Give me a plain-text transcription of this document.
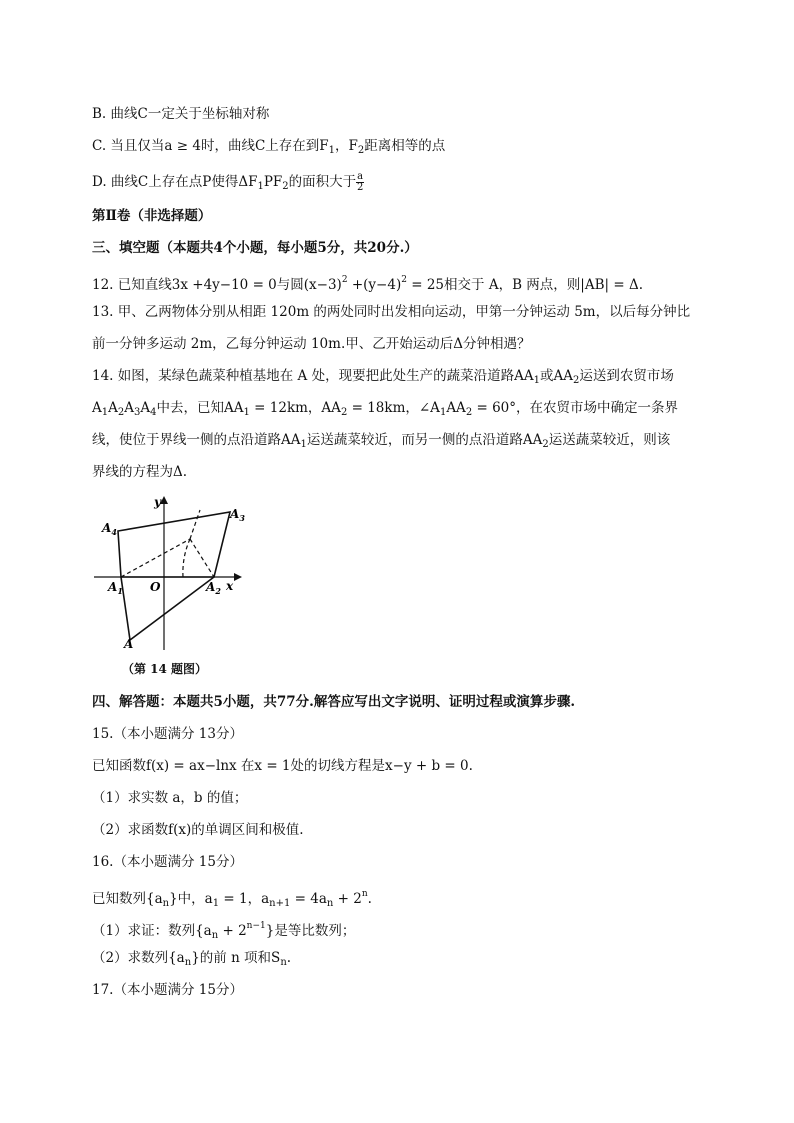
B. 曲线C一定关于坐标轴对称
C. 当且仅当a ≥ 4时，曲线C上存在到$F_1$，$F_2$距离相等的点
D. 曲线C上存在点P使得$\Delta F_1PF_2$的面积大于 $\frac{a}{2}$
第Ⅱ卷（非选择题）
三、填空题（本题共4个小题，每小题5分，共20分.）
12. 已知直线3x +4y−10 = 0与圆$(x-3)^2 +(y-4)^2 = 25$相交于 A，B 两点，则|AB| = Δ.
13. 甲、乙两物体分别从相距 120m 的两处同时出发相向运动，甲第一分钟运动 5m，以后每分钟比
前一分钟多运动 2m，乙每分钟运动 10m.甲、乙开始运动后Δ分钟相遇？
14. 如图，某绿色蔬菜种植基地在 A 处，现要把此处生产的蔬菜沿道路$AA_1$或$AA_2$运送到农贸市场
$A_1A_2A_3A_4$中去，已知$AA_1 = 12km$，$AA_2 = 18km$，$\angle A_1AA_2 = 60^\circ$，在农贸市场中确定一条界
线，使位于界线一侧的点沿道路$AA_1$运送蔬菜较近，而另一侧的点沿道路$AA_2$运送蔬菜较近，则该
界线的方程为Δ.
y
x
O
A
$A_1$	$A_2$
$A_3$
$A_4$
（第 14 题图）
四、解答题：本题共5小题，共77分.解答应写出文字说明、证明过程或演算步骤.
15.（本小题满分 13分）
已知函数f(x) = ax−lnx 在x = 1处的切线方程是x−y + b = 0.
（1）求实数 a，b 的值；
（2）求函数f(x)的单调区间和极值.
16.（本小题满分 15分）
已知数列$\{a_n\}$中，$a_1 = 1$，$a_{n+1} = 4a_n + 2^n$.
（1）求证：数列$\{a_n + 2^{n-1}\}$是等比数列；
（2）求数列$\{a_n\}$的前 n 项和$S_n$.
17.（本小题满分 15分）
